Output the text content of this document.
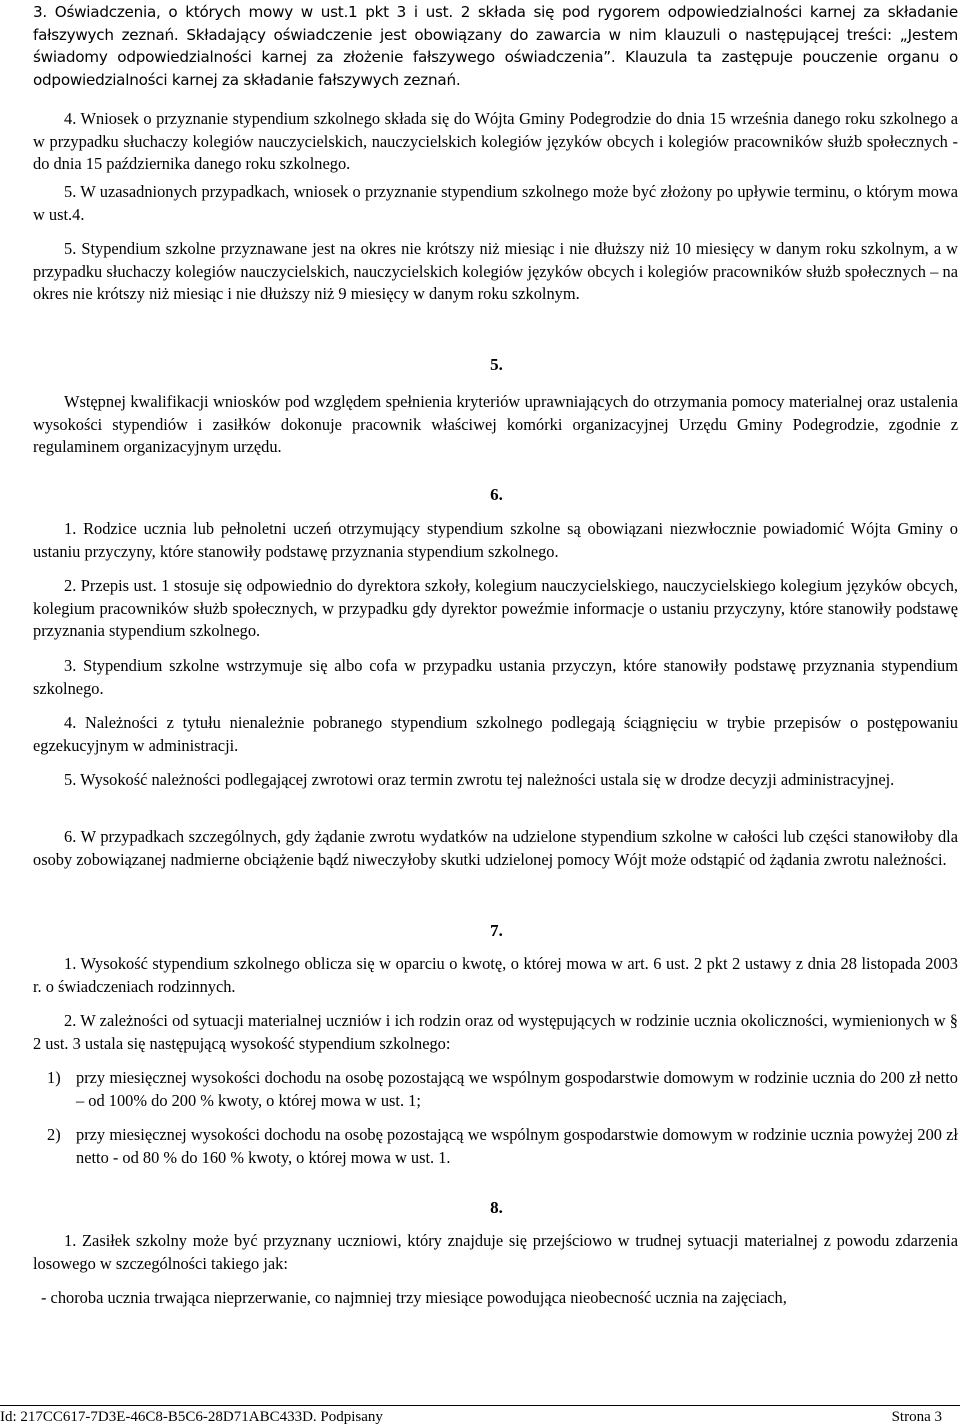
3. Oświadczenia, o których mowy w ust.1 pkt 3 i ust. 2 składa się pod rygorem odpowiedzialności karnej za składanie fałszywych zeznań. Składający oświadczenie jest obowiązany do zawarcia w nim klauzuli o następującej treści: „Jestem świadomy odpowiedzialności karnej za złożenie fałszywego oświadczenia”. Klauzula ta zastępuje pouczenie organu o odpowiedzialności karnej za składanie fałszywych zeznań.

4. Wniosek o przyznanie stypendium szkolnego składa się do Wójta Gminy Podegrodzie do dnia 15 września danego roku szkolnego a w przypadku słuchaczy kolegiów nauczycielskich, nauczycielskich kolegiów języków obcych i kolegiów pracowników służb społecznych - do dnia 15 października danego roku szkolnego.

5. W uzasadnionych przypadkach, wniosek o przyznanie stypendium szkolnego może być złożony po upływie terminu, o którym mowa w ust.4.

5. Stypendium szkolne przyznawane jest na okres nie krótszy niż miesiąc i nie dłuższy niż 10 miesięcy w danym roku szkolnym, a w przypadku słuchaczy kolegiów nauczycielskich, nauczycielskich kolegiów języków obcych i kolegiów pracowników służb społecznych – na okres nie krótszy niż miesiąc i nie dłuższy niż 9 miesięcy w danym roku szkolnym.

5.

Wstępnej kwalifikacji wniosków pod względem spełnienia kryteriów uprawniających do otrzymania pomocy materialnej oraz ustalenia wysokości stypendiów i zasiłków dokonuje pracownik właściwej komórki organizacyjnej Urzędu Gminy Podegrodzie, zgodnie z regulaminem organizacyjnym urzędu.

6.

1. Rodzice ucznia lub pełnoletni uczeń otrzymujący stypendium szkolne są obowiązani niezwłocznie powiadomić Wójta Gminy o ustaniu przyczyny, które stanowiły podstawę przyznania stypendium szkolnego.

2. Przepis ust. 1 stosuje się odpowiednio do dyrektora szkoły, kolegium nauczycielskiego, nauczycielskiego kolegium języków obcych, kolegium pracowników służb społecznych, w przypadku gdy dyrektor poweźmie informacje o ustaniu przyczyny, które stanowiły podstawę przyznania stypendium szkolnego.

3. Stypendium szkolne wstrzymuje się albo cofa w przypadku ustania przyczyn, które stanowiły podstawę przyznania stypendium szkolnego.

4. Należności z tytułu nienależnie pobranego stypendium szkolnego podlegają ściągnięciu w trybie przepisów o postępowaniu egzekucyjnym w administracji.

5. Wysokość należności podlegającej zwrotowi oraz termin zwrotu tej należności ustala się w drodze decyzji administracyjnej.

6. W przypadkach szczególnych, gdy żądanie zwrotu wydatków na udzielone stypendium szkolne w całości lub części stanowiłoby dla osoby zobowiązanej nadmierne obciążenie bądź niweczyłoby skutki udzielonej pomocy Wójt może odstąpić od żądania zwrotu należności.

7.

1. Wysokość stypendium szkolnego oblicza się w oparciu o kwotę, o której mowa w art. 6 ust. 2 pkt 2 ustawy z dnia 28 listopada 2003 r. o świadczeniach rodzinnych.

2. W zależności od sytuacji materialnej uczniów i ich rodzin oraz od występujących w rodzinie ucznia okoliczności, wymienionych w § 2 ust. 3 ustala się następującą wysokość stypendium szkolnego:

1) przy miesięcznej wysokości dochodu na osobę pozostającą we wspólnym gospodarstwie domowym w rodzinie ucznia do 200 zł netto – od 100% do 200 % kwoty, o której mowa w ust. 1;
2) przy miesięcznej wysokości dochodu na osobę pozostającą we wspólnym gospodarstwie domowym w rodzinie ucznia powyżej 200 zł netto - od 80 % do 160 % kwoty, o której mowa w ust. 1.

8.

1. Zasiłek szkolny może być przyznany uczniowi, który znajduje się przejściowo w trudnej sytuacji materialnej z powodu zdarzenia losowego w szczególności takiego jak:

- choroba ucznia trwająca nieprzerwanie, co najmniej trzy miesiące powodująca nieobecność ucznia na zajęciach,

Id: 217CC617-7D3E-46C8-B5C6-28D71ABC433D. Podpisany	Strona 3
